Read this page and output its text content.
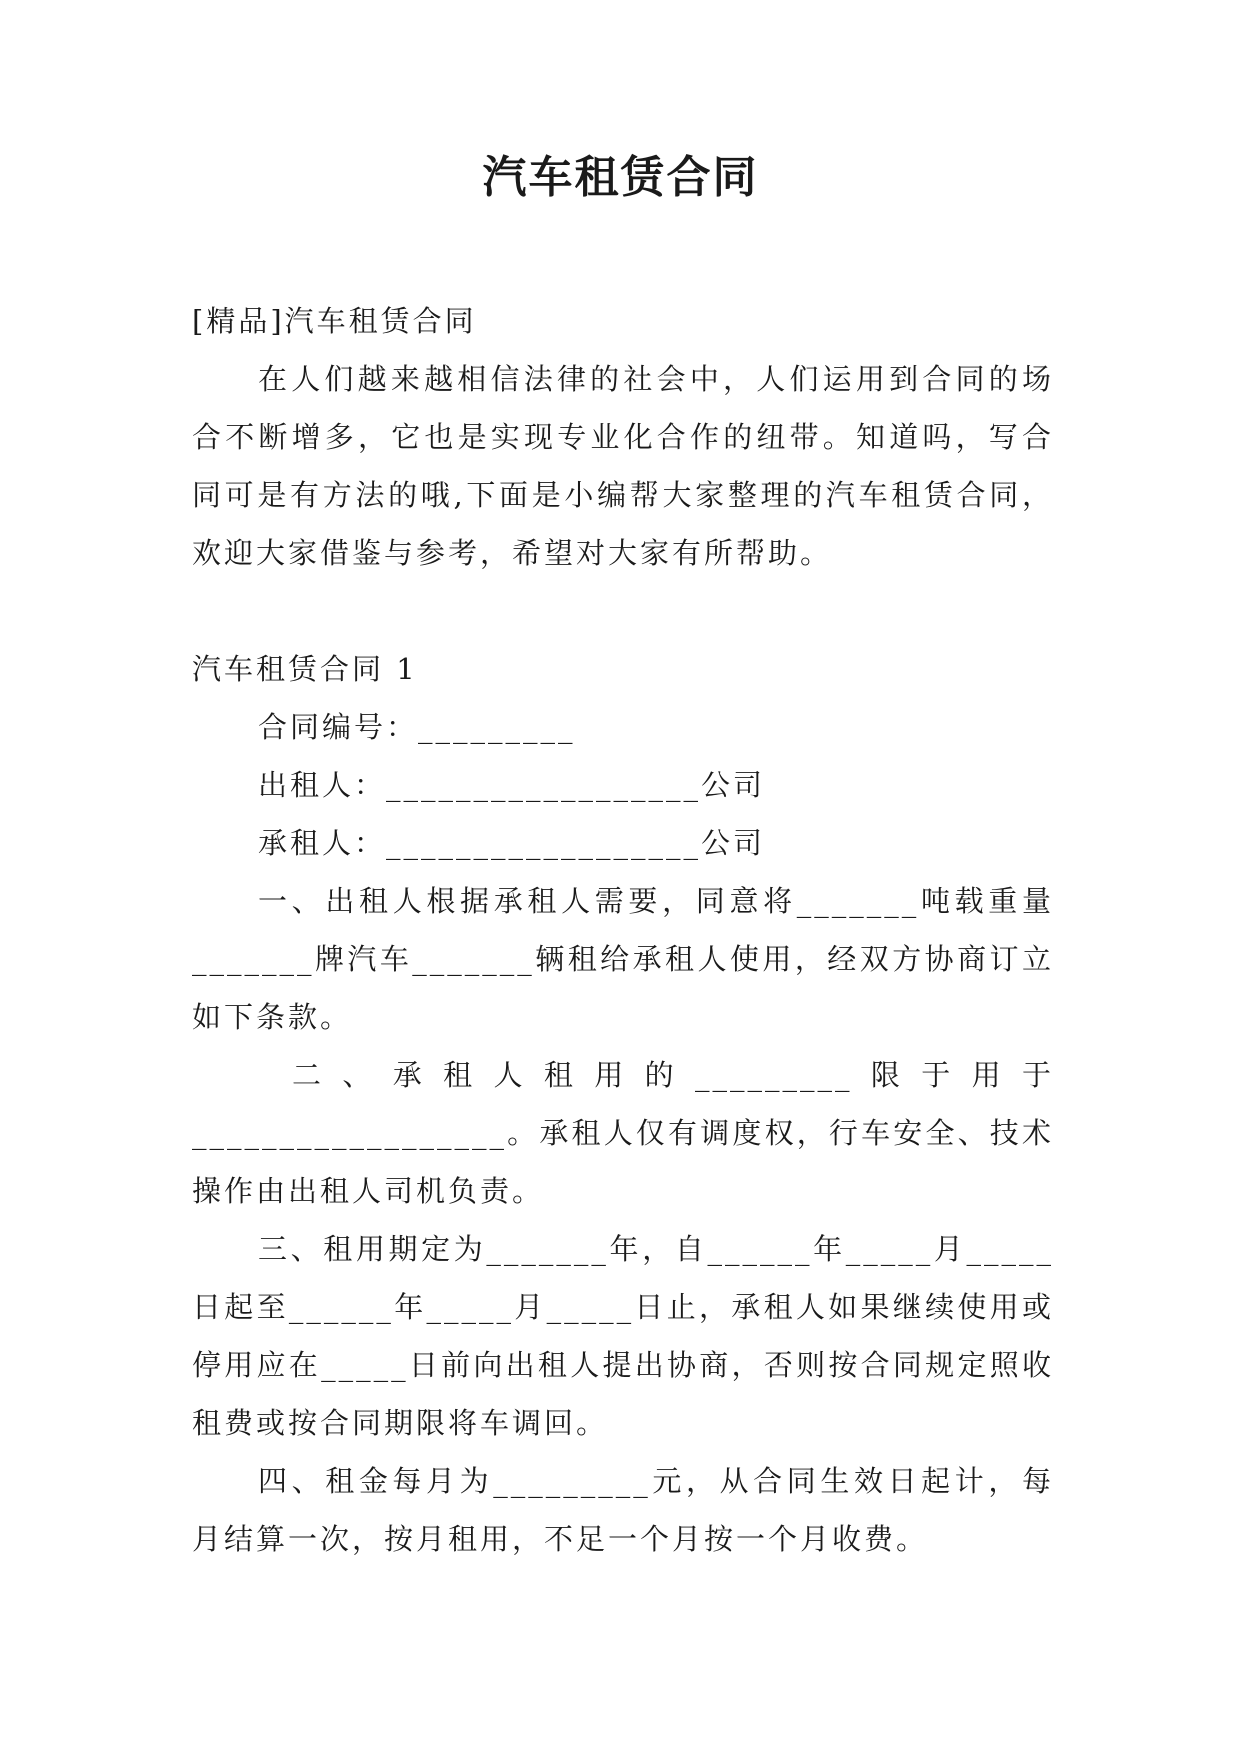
汽车租赁合同

[精品]汽车租赁合同

在人们越来越相信法律的社会中，人们运用到合同的场合不断增多，它也是实现专业化合作的纽带。知道吗，写合同可是有方法的哦,下面是小编帮大家整理的汽车租赁合同，欢迎大家借鉴与参考，希望对大家有所帮助。

汽车租赁合同 1

合同编号：_________

出租人：__________________公司

承租人：__________________公司

一、出租人根据承租人需要，同意将_______吨载重量_______牌汽车_______辆租给承租人使用，经双方协商订立如下条款。

二 、 承 租 人 租 用 的 _________ 限 于 用 于
__________________。承租人仅有调度权，行车安全、技术操作由出租人司机负责。

三、租用期定为_______年，自______年_____月_____日起至______年_____月_____日止，承租人如果继续使用或停用应在_____日前向出租人提出协商，否则按合同规定照收租费或按合同期限将车调回。

四、租金每月为_________元，从合同生效日起计，每月结算一次，按月租用，不足一个月按一个月收费。
